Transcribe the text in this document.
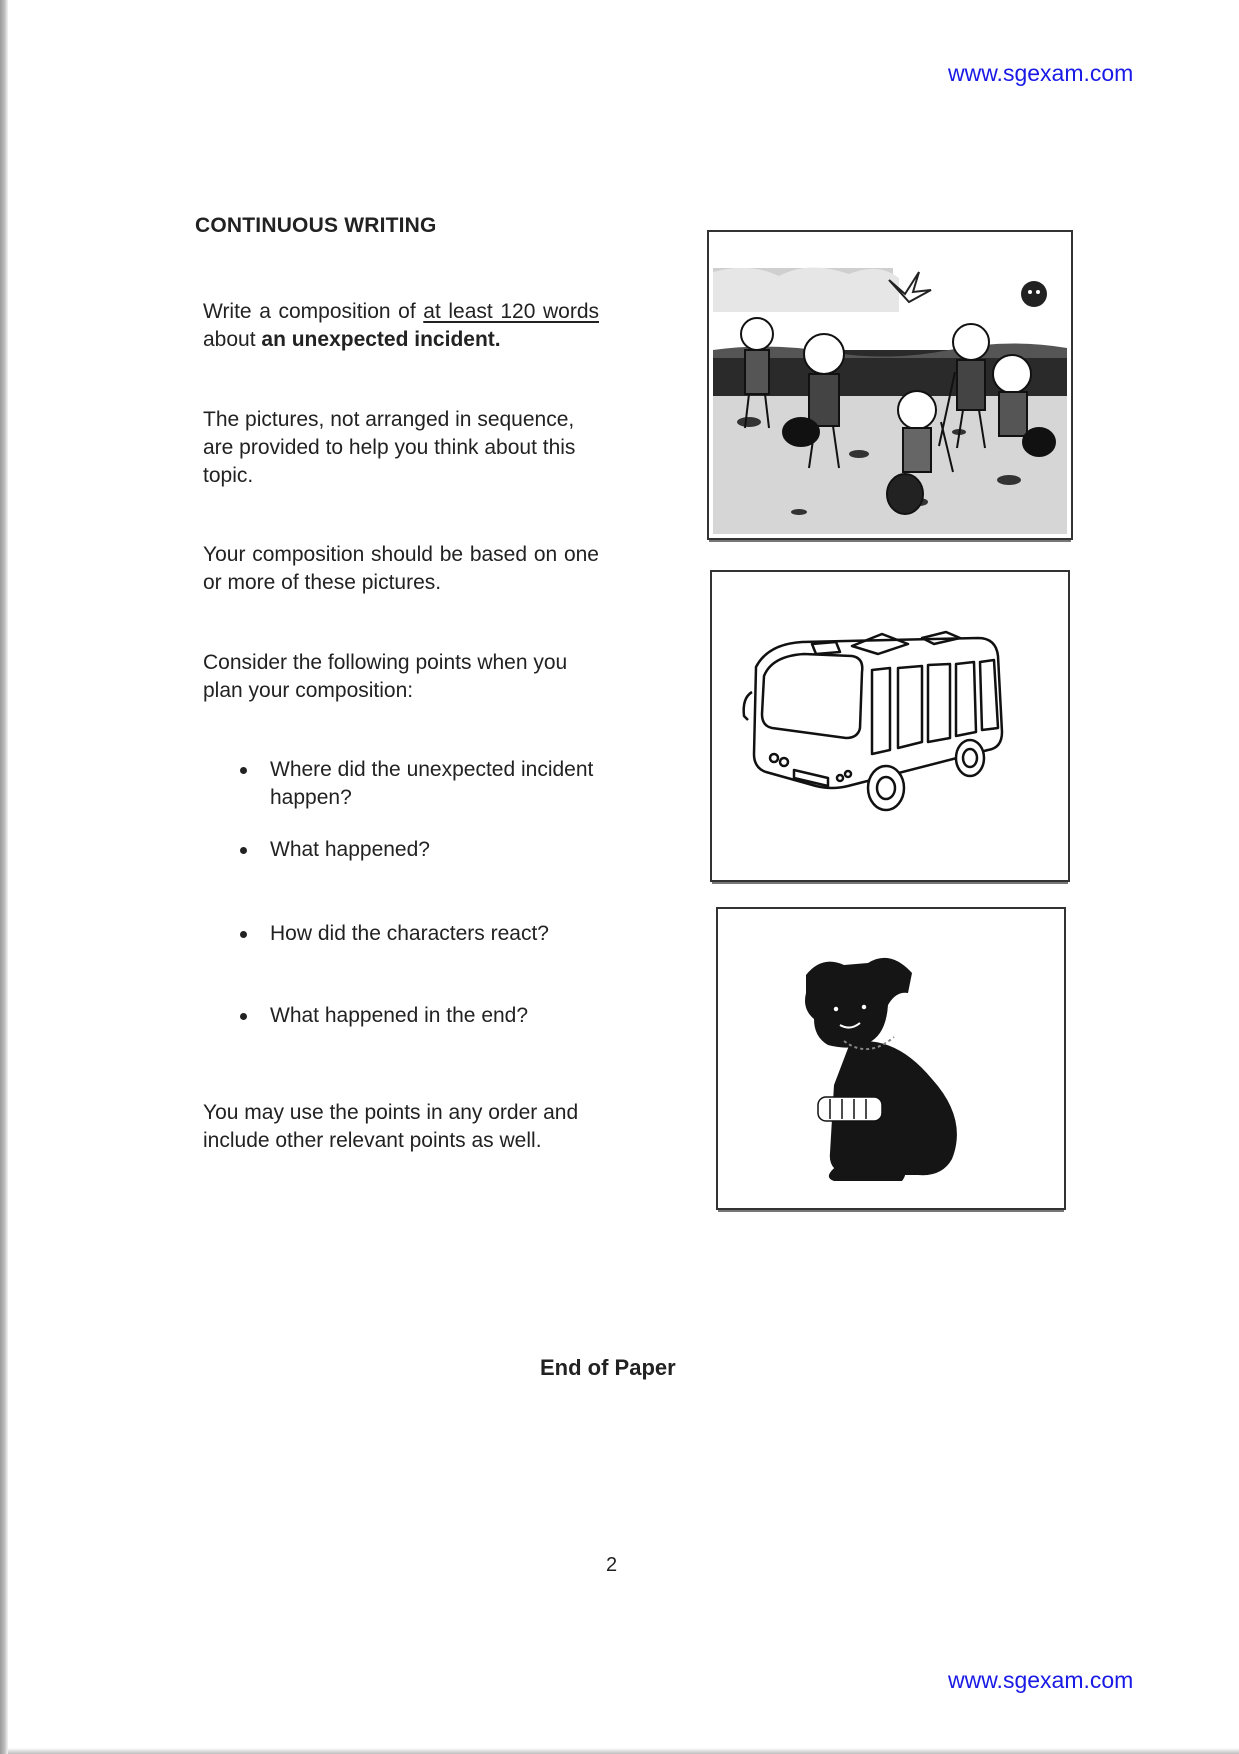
www.sgexam.com
CONTINUOUS WRITING

Write a composition of at least 120 words about an unexpected incident.

The pictures, not arranged in sequence, are provided to help you think about this topic.

Your composition should be based on one or more of these pictures.

Consider the following points when you plan your composition:

Where did the unexpected incident happen?
What happened?
How did the characters react?
What happened in the end?

You may use the points in any order and include other relevant points as well.

End of Paper

2

www.sgexam.com
